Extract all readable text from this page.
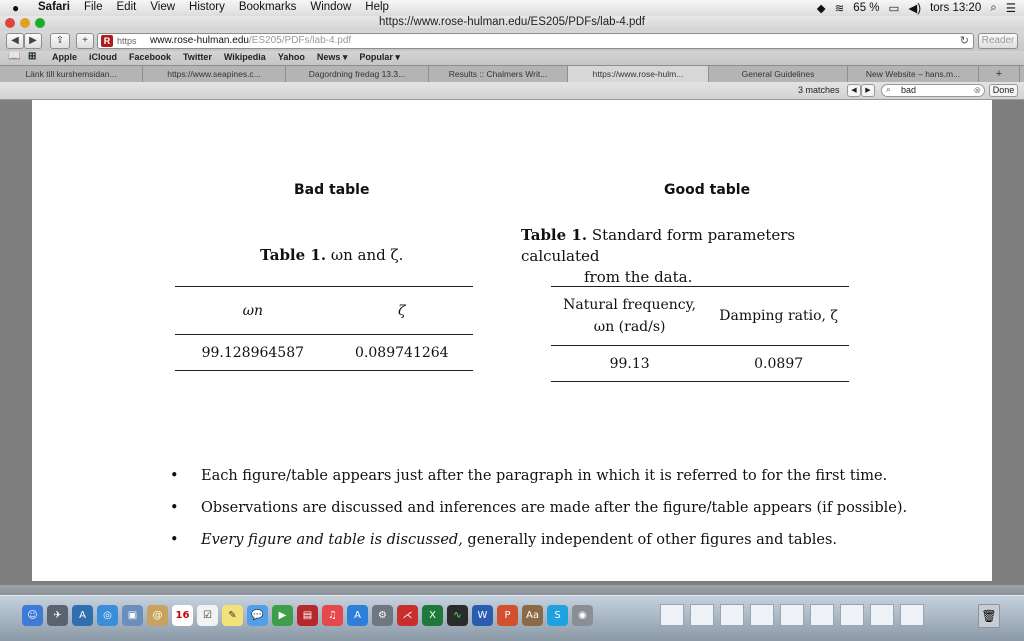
● Safari File Edit View History Bookmarks Window Help	◆ ≋ 65 % ▭ ◀) tors 13:20 ⌕ ☰
https://www.rose-hulman.edu/ES205/PDFs/lab-4.pdf
◀	▶	⇪	+	R https www.rose-hulman.edu/ES205/PDFs/lab-4.pdf	↻	Reader
📖 ⊞ Apple iCloud Facebook Twitter Wikipedia Yahoo News ▾ Popular ▾
Länk till kurshemsidan...	https://www.seapines.c...	Dagordning fredag 13.3...	Results :: Chalmers Writ...	https://www.rose-hulm...	General Guidelines	New Website – hans.m...	+
3 matches	◀	▶	⌕ bad	⊗	Done
Bad table
Table 1. ωn and ζ.
ωn	ζ
99.128964587	0.089741264
Good table
Table 1. Standard form parameters calculated
from the data.
Natural frequency,
ωn (rad/s)	Damping ratio, ζ
99.13	0.0897
• Each figure/table appears just after the paragraph in which it is referred to for the first time.
• Observations are discussed and inferences are made after the figure/table appears (if possible).
• Every figure and table is discussed, generally independent of other figures and tables.
☺	✈	A	◎	▣	@	16	☑	✎	💬	▶	▤	♫	A	⚙	⋌	X	∿	W	P	Aa	S	◉	🗑
